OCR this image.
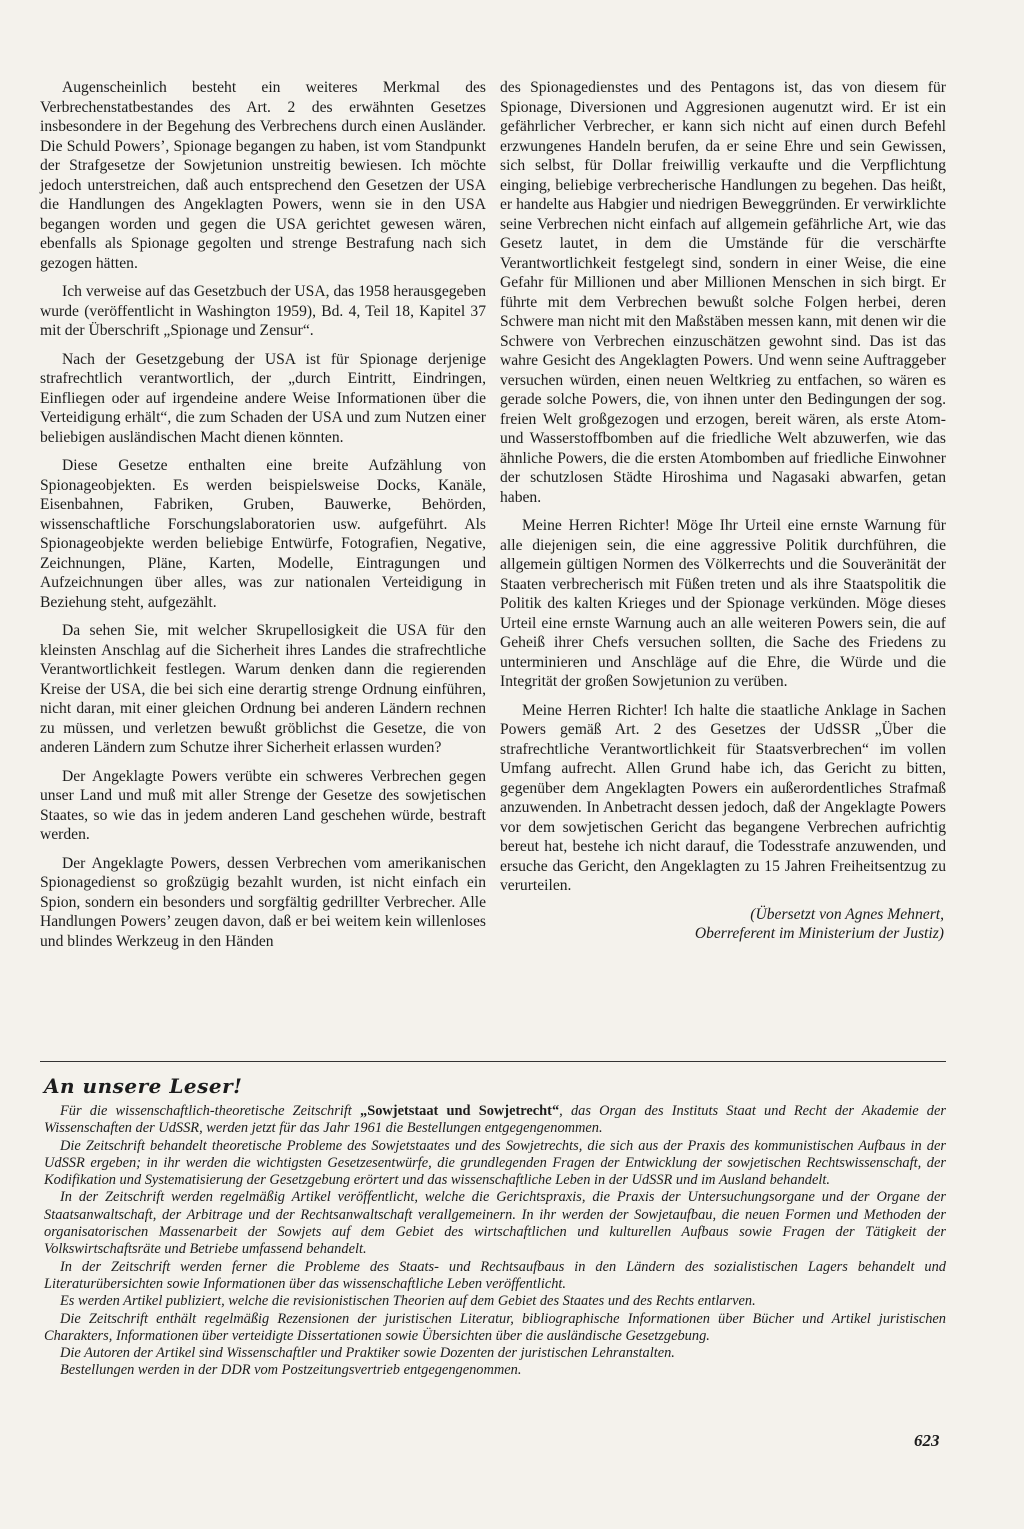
Augenscheinlich besteht ein weiteres Merkmal des Verbrechenstatbestandes des Art. 2 des erwähnten Gesetzes insbesondere in der Begehung des Verbrechens durch einen Ausländer. Die Schuld Powers’, Spionage begangen zu haben, ist vom Standpunkt der Strafgesetze der Sowjetunion unstreitig bewiesen. Ich möchte jedoch unterstreichen, daß auch entsprechend den Gesetzen der USA die Handlungen des Angeklagten Powers, wenn sie in den USA begangen worden und gegen die USA gerichtet gewesen wären, ebenfalls als Spionage gegolten und strenge Bestrafung nach sich gezogen hätten.

Ich verweise auf das Gesetzbuch der USA, das 1958 herausgegeben wurde (veröffentlicht in Washington 1959), Bd. 4, Teil 18, Kapitel 37 mit der Überschrift „Spionage und Zensur“.

Nach der Gesetzgebung der USA ist für Spionage derjenige strafrechtlich verantwortlich, der „durch Eintritt, Eindringen, Einfliegen oder auf irgendeine andere Weise Informationen über die Verteidigung erhält“, die zum Schaden der USA und zum Nutzen einer beliebigen ausländischen Macht dienen könnten.

Diese Gesetze enthalten eine breite Aufzählung von Spionageobjekten. Es werden beispielsweise Docks, Kanäle, Eisenbahnen, Fabriken, Gruben, Bauwerke, Behörden, wissenschaftliche Forschungslaboratorien usw. aufgeführt. Als Spionageobjekte werden beliebige Entwürfe, Fotografien, Negative, Zeichnungen, Pläne, Karten, Modelle, Eintragungen und Aufzeichnungen über alles, was zur nationalen Verteidigung in Beziehung steht, aufgezählt.

Da sehen Sie, mit welcher Skrupellosigkeit die USA für den kleinsten Anschlag auf die Sicherheit ihres Landes die strafrechtliche Verantwortlichkeit festlegen. Warum denken dann die regierenden Kreise der USA, die bei sich eine derartig strenge Ordnung einführen, nicht daran, mit einer gleichen Ordnung bei anderen Ländern rechnen zu müssen, und verletzen bewußt gröblichst die Gesetze, die von anderen Ländern zum Schutze ihrer Sicherheit erlassen wurden?

Der Angeklagte Powers verübte ein schweres Verbrechen gegen unser Land und muß mit aller Strenge der Gesetze des sowjetischen Staates, so wie das in jedem anderen Land geschehen würde, bestraft werden.

Der Angeklagte Powers, dessen Verbrechen vom amerikanischen Spionagedienst so großzügig bezahlt wurden, ist nicht einfach ein Spion, sondern ein besonders und sorgfältig gedrillter Verbrecher. Alle Handlungen Powers’ zeugen davon, daß er bei weitem kein willenloses und blindes Werkzeug in den Händen

des Spionagedienstes und des Pentagons ist, das von diesem für Spionage, Diversionen und Aggresionen augenutzt wird. Er ist ein gefährlicher Verbrecher, er kann sich nicht auf einen durch Befehl erzwungenes Handeln berufen, da er seine Ehre und sein Gewissen, sich selbst, für Dollar freiwillig verkaufte und die Verpflichtung einging, beliebige verbrecherische Handlungen zu begehen. Das heißt, er handelte aus Habgier und niedrigen Beweggründen. Er verwirklichte seine Verbrechen nicht einfach auf allgemein gefährliche Art, wie das Gesetz lautet, in dem die Umstände für die verschärfte Verantwortlichkeit festgelegt sind, sondern in einer Weise, die eine Gefahr für Millionen und aber Millionen Menschen in sich birgt. Er führte mit dem Verbrechen bewußt solche Folgen herbei, deren Schwere man nicht mit den Maßstäben messen kann, mit denen wir die Schwere von Verbrechen einzuschätzen gewohnt sind. Das ist das wahre Gesicht des Angeklagten Powers. Und wenn seine Auftraggeber versuchen würden, einen neuen Weltkrieg zu entfachen, so wären es gerade solche Powers, die, von ihnen unter den Bedingungen der sog. freien Welt großgezogen und erzogen, bereit wären, als erste Atom- und Wasserstoffbomben auf die friedliche Welt abzuwerfen, wie das ähnliche Powers, die die ersten Atombomben auf friedliche Einwohner der schutzlosen Städte Hiroshima und Nagasaki abwarfen, getan haben.

Meine Herren Richter! Möge Ihr Urteil eine ernste Warnung für alle diejenigen sein, die eine aggressive Politik durchführen, die allgemein gültigen Normen des Völkerrechts und die Souveränität der Staaten verbrecherisch mit Füßen treten und als ihre Staatspolitik die Politik des kalten Krieges und der Spionage verkünden. Möge dieses Urteil eine ernste Warnung auch an alle weiteren Powers sein, die auf Geheiß ihrer Chefs versuchen sollten, die Sache des Friedens zu unterminieren und Anschläge auf die Ehre, die Würde und die Integrität der großen Sowjetunion zu verüben.

Meine Herren Richter! Ich halte die staatliche Anklage in Sachen Powers gemäß Art. 2 des Gesetzes der UdSSR „Über die strafrechtliche Verantwortlichkeit für Staatsverbrechen“ im vollen Umfang aufrecht. Allen Grund habe ich, das Gericht zu bitten, gegenüber dem Angeklagten Powers ein außerordentliches Strafmaß anzuwenden. In Anbetracht dessen jedoch, daß der Angeklagte Powers vor dem sowjetischen Gericht das begangene Verbrechen aufrichtig bereut hat, bestehe ich nicht darauf, die Todesstrafe anzuwenden, und ersuche das Gericht, den Angeklagten zu 15 Jahren Freiheitsentzug zu verurteilen.

(Übersetzt von Agnes Mehnert,
Oberreferent im Ministerium der Justiz)
An unsere Leser!

Für die wissenschaftlich-theoretische Zeitschrift „Sowjetstaat und Sowjetrecht“, das Organ des Instituts Staat und Recht der Akademie der Wissenschaften der UdSSR, werden jetzt für das Jahr 1961 die Bestellungen entgegengenommen.

Die Zeitschrift behandelt theoretische Probleme des Sowjetstaates und des Sowjetrechts, die sich aus der Praxis des kommunistischen Aufbaus in der UdSSR ergeben; in ihr werden die wichtigsten Gesetzesentwürfe, die grundlegenden Fragen der Entwicklung der sowjetischen Rechtswissenschaft, der Kodifikation und Systematisierung der Gesetzgebung erörtert und das wissenschaftliche Leben in der UdSSR und im Ausland behandelt.

In der Zeitschrift werden regelmäßig Artikel veröffentlicht, welche die Gerichtspraxis, die Praxis der Untersuchungsorgane und der Organe der Staatsanwaltschaft, der Arbitrage und der Rechtsanwaltschaft verallgemeinern. In ihr werden der Sowjetaufbau, die neuen Formen und Methoden der organisatorischen Massenarbeit der Sowjets auf dem Gebiet des wirtschaftlichen und kulturellen Aufbaus sowie Fragen der Tätigkeit der Volkswirtschaftsräte und Betriebe umfassend behandelt.

In der Zeitschrift werden ferner die Probleme des Staats- und Rechtsaufbaus in den Ländern des sozialistischen Lagers behandelt und Literaturübersichten sowie Informationen über das wissenschaftliche Leben veröffentlicht.

Es werden Artikel publiziert, welche die revisionistischen Theorien auf dem Gebiet des Staates und des Rechts entlarven.

Die Zeitschrift enthält regelmäßig Rezensionen der juristischen Literatur, bibliographische Informationen über Bücher und Artikel juristischen Charakters, Informationen über verteidigte Dissertationen sowie Übersichten über die ausländische Gesetzgebung.

Die Autoren der Artikel sind Wissenschaftler und Praktiker sowie Dozenten der juristischen Lehranstalten.

Bestellungen werden in der DDR vom Postzeitungsvertrieb entgegengenommen.

623
